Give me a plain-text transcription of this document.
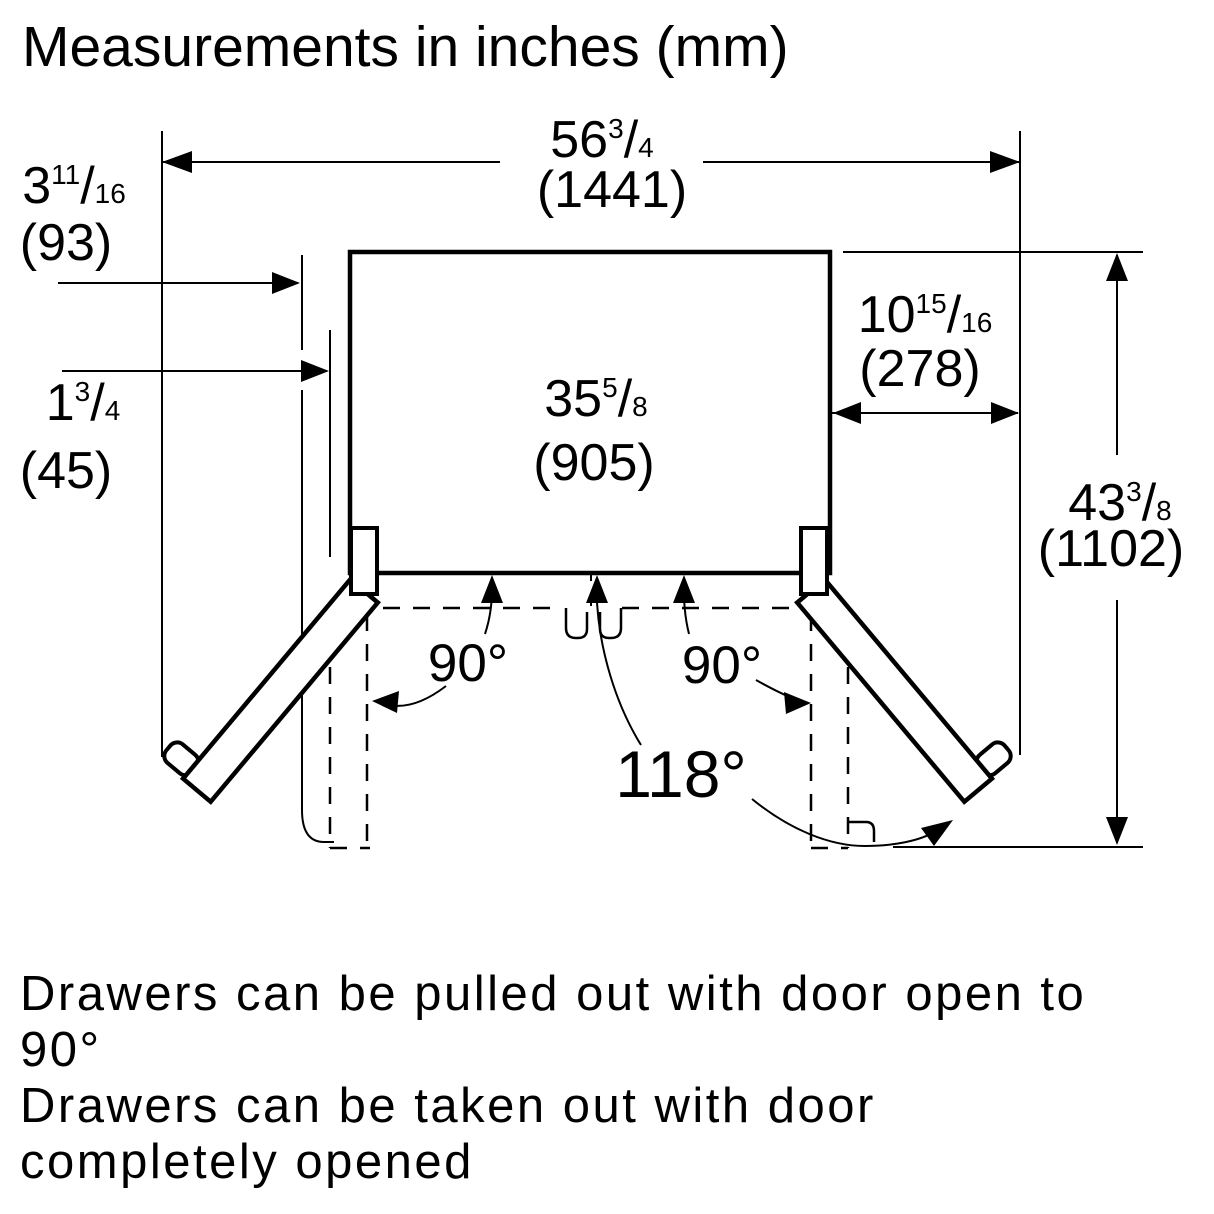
Measurements in inches (mm)
$56^3/4$
(1441)
$3^{11}/16$
(93)
$1^3/4$
(45)
$35^5/8$
(905)
$10^{15}/16$
(278)
$43^3/8$
(1102)
90°	90°
118°
Drawers can be pulled out with door open to
90°
Drawers can be taken out with door
completely opened
